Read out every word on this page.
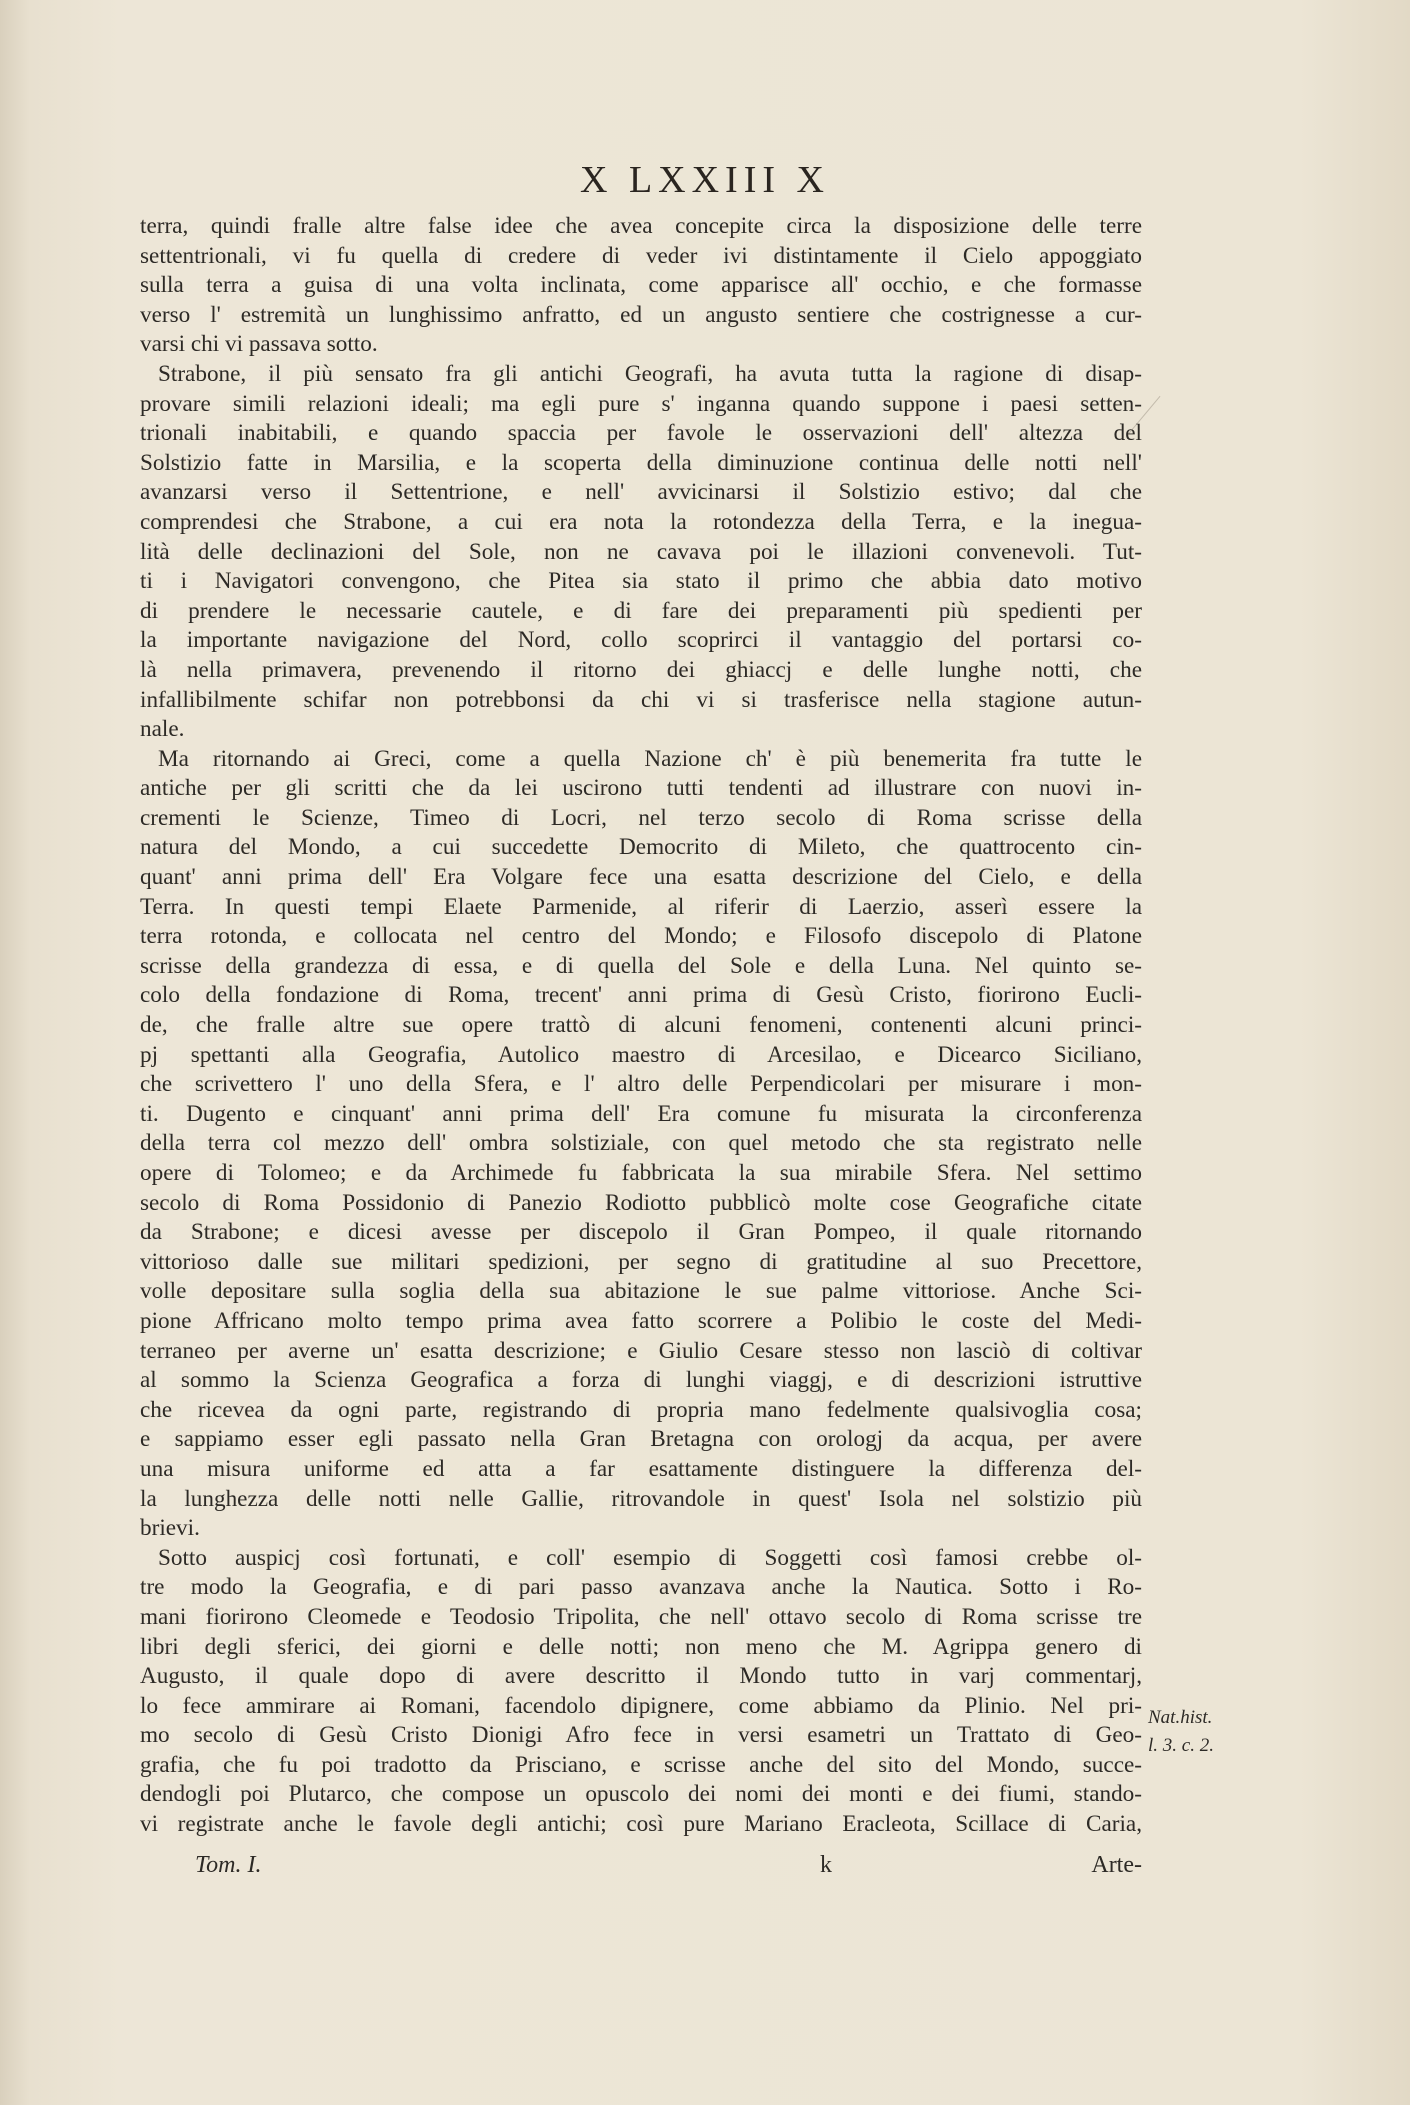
X LXXIII X

terra, quindi fralle altre false idee che avea concepite circa la disposizione delle terre

settentrionali, vi fu quella di credere di veder ivi distintamente il Cielo appoggiato

sulla terra a guisa di una volta inclinata, come apparisce all' occhio, e che formasse

verso l' estremità un lunghissimo anfratto, ed un angusto sentiere che costrignesse a cur-

varsi chi vi passava sotto.

Strabone, il più sensato fra gli antichi Geografi, ha avuta tutta la ragione di disap-

provare simili relazioni ideali; ma egli pure s' inganna quando suppone i paesi setten-

trionali inabitabili, e quando spaccia per favole le osservazioni dell' altezza del

Solstizio fatte in Marsilia, e la scoperta della diminuzione continua delle notti nell'

avanzarsi verso il Settentrione, e nell' avvicinarsi il Solstizio estivo; dal che

comprendesi che Strabone, a cui era nota la rotondezza della Terra, e la inegua-

lità delle declinazioni del Sole, non ne cavava poi le illazioni convenevoli. Tut-

ti i Navigatori convengono, che Pitea sia stato il primo che abbia dato motivo

di prendere le necessarie cautele, e di fare dei preparamenti più spedienti per

la importante navigazione del Nord, collo scoprirci il vantaggio del portarsi co-

là nella primavera, prevenendo il ritorno dei ghiaccj e delle lunghe notti, che

infallibilmente schifar non potrebbonsi da chi vi si trasferisce nella stagione autun-

nale.

Ma ritornando ai Greci, come a quella Nazione ch' è più benemerita fra tutte le

antiche per gli scritti che da lei uscirono tutti tendenti ad illustrare con nuovi in-

crementi le Scienze, Timeo di Locri, nel terzo secolo di Roma scrisse della

natura del Mondo, a cui succedette Democrito di Mileto, che quattrocento cin-

quant' anni prima dell' Era Volgare fece una esatta descrizione del Cielo, e della

Terra. In questi tempi Elaete Parmenide, al riferir di Laerzio, asserì essere la

terra rotonda, e collocata nel centro del Mondo; e Filosofo discepolo di Platone

scrisse della grandezza di essa, e di quella del Sole e della Luna. Nel quinto se-

colo della fondazione di Roma, trecent' anni prima di Gesù Cristo, fiorirono Eucli-

de, che fralle altre sue opere trattò di alcuni fenomeni, contenenti alcuni princi-

pj spettanti alla Geografia, Autolico maestro di Arcesilao, e Dicearco Siciliano,

che scrivettero l' uno della Sfera, e l' altro delle Perpendicolari per misurare i mon-

ti. Dugento e cinquant' anni prima dell' Era comune fu misurata la circonferenza

della terra col mezzo dell' ombra solstiziale, con quel metodo che sta registrato nelle

opere di Tolomeo; e da Archimede fu fabbricata la sua mirabile Sfera. Nel settimo

secolo di Roma Possidonio di Panezio Rodiotto pubblicò molte cose Geografiche citate

da Strabone; e dicesi avesse per discepolo il Gran Pompeo, il quale ritornando

vittorioso dalle sue militari spedizioni, per segno di gratitudine al suo Precettore,

volle depositare sulla soglia della sua abitazione le sue palme vittoriose. Anche Sci-

pione Affricano molto tempo prima avea fatto scorrere a Polibio le coste del Medi-

terraneo per averne un' esatta descrizione; e Giulio Cesare stesso non lasciò di coltivar

al sommo la Scienza Geografica a forza di lunghi viaggj, e di descrizioni istruttive

che ricevea da ogni parte, registrando di propria mano fedelmente qualsivoglia cosa;

e sappiamo esser egli passato nella Gran Bretagna con orologj da acqua, per avere

una misura uniforme ed atta a far esattamente distinguere la differenza del-

la lunghezza delle notti nelle Gallie, ritrovandole in quest' Isola nel solstizio più

brievi.

Sotto auspicj così fortunati, e coll' esempio di Soggetti così famosi crebbe ol-

tre modo la Geografia, e di pari passo avanzava anche la Nautica. Sotto i Ro-

mani fiorirono Cleomede e Teodosio Tripolita, che nell' ottavo secolo di Roma scrisse tre

libri degli sferici, dei giorni e delle notti; non meno che M. Agrippa genero di

Augusto, il quale dopo di avere descritto il Mondo tutto in varj commentarj,

lo fece ammirare ai Romani, facendolo dipignere, come abbiamo da Plinio. Nel pri-

mo secolo di Gesù Cristo Dionigi Afro fece in versi esametri un Trattato di Geo-

grafia, che fu poi tradotto da Prisciano, e scrisse anche del sito del Mondo, succe-

dendogli poi Plutarco, che compose un opuscolo dei nomi dei monti e dei fiumi, stando-

vi registrate anche le favole degli antichi; così pure Mariano Eracleota, Scillace di Caria,

Nat.hist.
l. 3. c. 2.
Tom. I.	k	Arte-
